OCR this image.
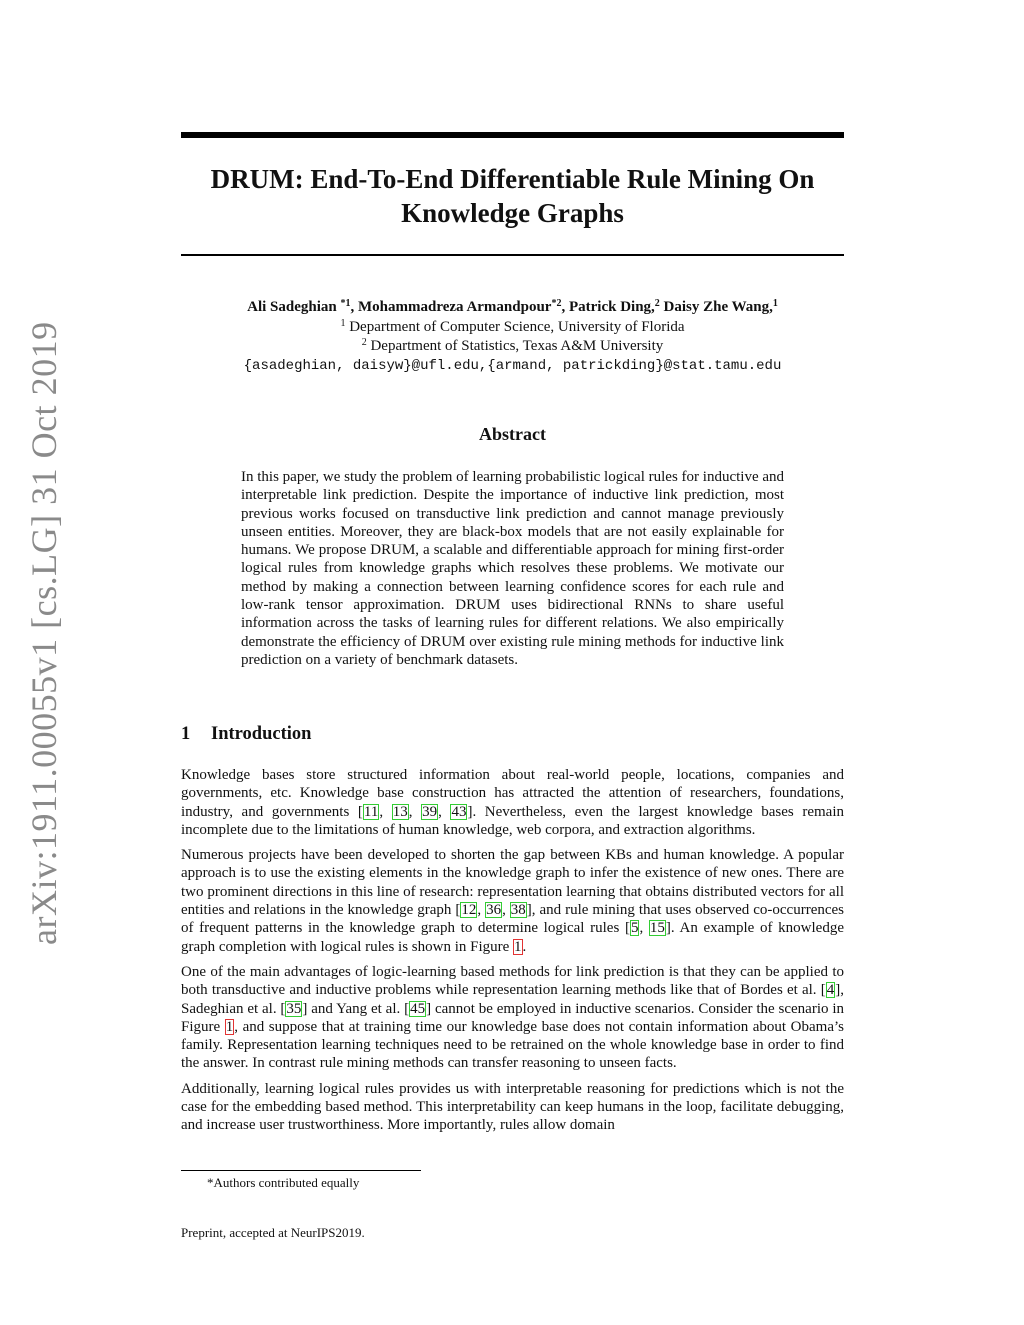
arXiv:1911.00055v1 [cs.LG] 31 Oct 2019
DRUM: End-To-End Differentiable Rule Mining On
Knowledge Graphs
Ali Sadeghian $^{*1}$, Mohammadreza Armandpour$^{*2}$, Patrick Ding,$^2$ Daisy Zhe Wang,$^1$
$^1$ Department of Computer Science, University of Florida
$^2$ Department of Statistics, Texas A&M University
{asadeghian, daisyw}@ufl.edu,{armand, patrickding}@stat.tamu.edu
Abstract
In this paper, we study the problem of learning probabilistic logical rules for inductive and interpretable link prediction. Despite the importance of inductive link prediction, most previous works focused on transductive link prediction and cannot manage previously unseen entities. Moreover, they are black-box models that are not easily explainable for humans. We propose DRUM, a scalable and differentiable approach for mining first-order logical rules from knowledge graphs which resolves these problems. We motivate our method by making a connection between learning confidence scores for each rule and low-rank tensor approximation. DRUM uses bidirectional RNNs to share useful information across the tasks of learning rules for different relations. We also empirically demonstrate the efficiency of DRUM over existing rule mining methods for inductive link prediction on a variety of benchmark datasets.
1 Introduction

Knowledge bases store structured information about real-world people, locations, companies and governments, etc. Knowledge base construction has attracted the attention of researchers, foundations, industry, and governments [11, 13, 39, 43]. Nevertheless, even the largest knowledge bases remain incomplete due to the limitations of human knowledge, web corpora, and extraction algorithms.

Numerous projects have been developed to shorten the gap between KBs and human knowledge. A popular approach is to use the existing elements in the knowledge graph to infer the existence of new ones. There are two prominent directions in this line of research: representation learning that obtains distributed vectors for all entities and relations in the knowledge graph [12, 36, 38], and rule mining that uses observed co-occurrences of frequent patterns in the knowledge graph to determine logical rules [5, 15]. An example of knowledge graph completion with logical rules is shown in Figure 1.

One of the main advantages of logic-learning based methods for link prediction is that they can be applied to both transductive and inductive problems while representation learning methods like that of Bordes et al. [4], Sadeghian et al. [35] and Yang et al. [45] cannot be employed in inductive scenarios. Consider the scenario in Figure 1, and suppose that at training time our knowledge base does not contain information about Obama’s family. Representation learning techniques need to be retrained on the whole knowledge base in order to find the answer. In contrast rule mining methods can transfer reasoning to unseen facts.

Additionally, learning logical rules provides us with interpretable reasoning for predictions which is not the case for the embedding based method. This interpretability can keep humans in the loop, facilitate debugging, and increase user trustworthiness. More importantly, rules allow domain

*Authors contributed equally
Preprint, accepted at NeurIPS2019.
